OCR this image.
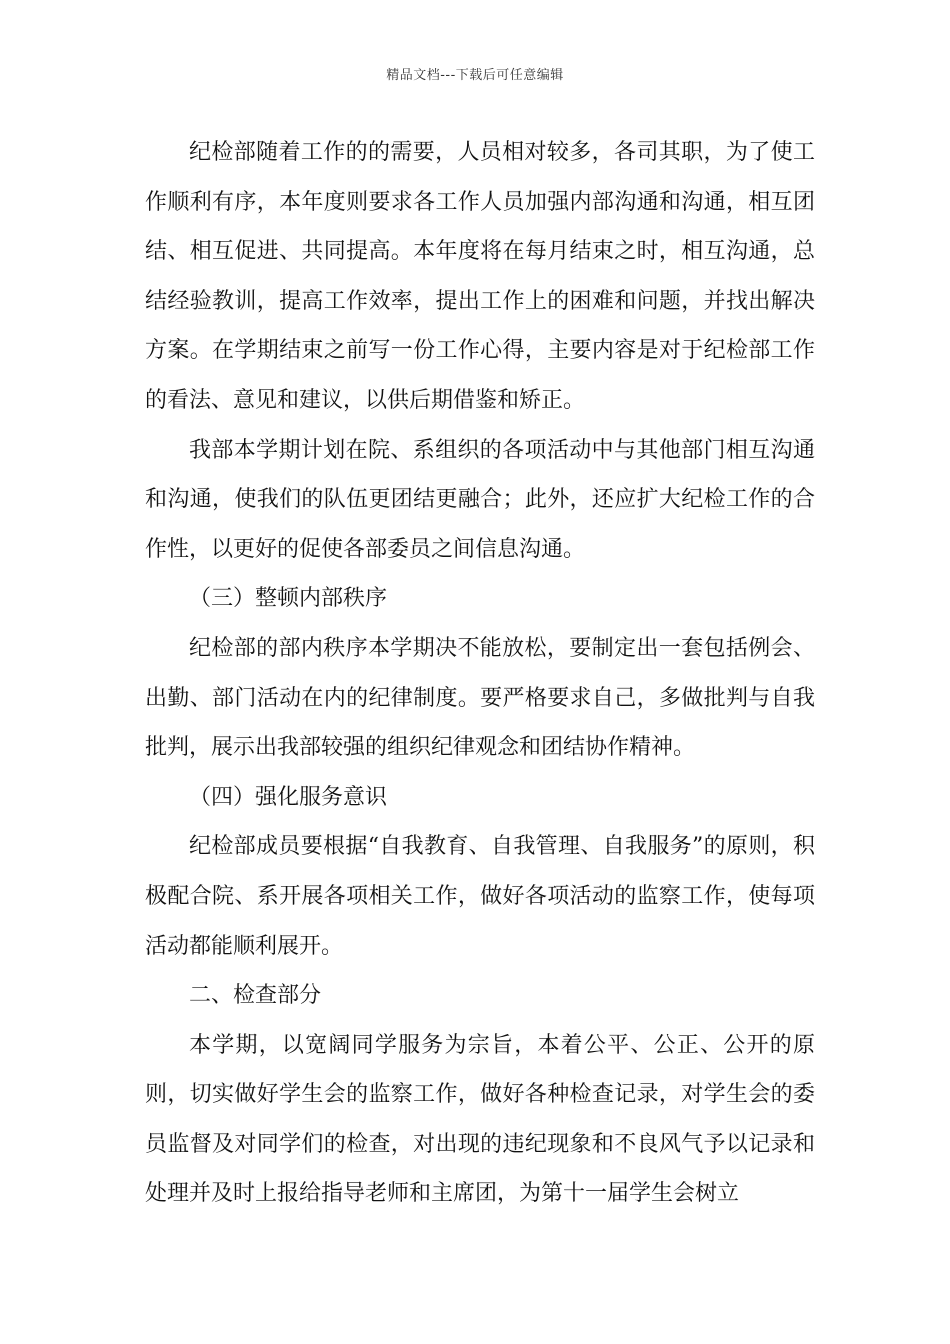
精品文档---下载后可任意编辑

纪检部随着工作的的需要，人员相对较多，各司其职，为了使工作顺利有序，本年度则要求各工作人员加强内部沟通和沟通，相互团结、相互促进、共同提高。本年度将在每月结束之时，相互沟通，总结经验教训，提高工作效率，提出工作上的困难和问题，并找出解决方案。在学期结束之前写一份工作心得，主要内容是对于纪检部工作的看法、意见和建议，以供后期借鉴和矫正。

我部本学期计划在院、系组织的各项活动中与其他部门相互沟通和沟通，使我们的队伍更团结更融合；此外，还应扩大纪检工作的合作性，以更好的促使各部委员之间信息沟通。

（三）整顿内部秩序

纪检部的部内秩序本学期决不能放松，要制定出一套包括例会、出勤、部门活动在内的纪律制度。要严格要求自己，多做批判与自我批判，展示出我部较强的组织纪律观念和团结协作精神。

（四）强化服务意识

纪检部成员要根据“自我教育、自我管理、自我服务”的原则，积极配合院、系开展各项相关工作，做好各项活动的监察工作，使每项活动都能顺利展开。

二、检查部分

本学期，以宽阔同学服务为宗旨，本着公平、公正、公开的原则，切实做好学生会的监察工作，做好各种检查记录，对学生会的委员监督及对同学们的检查，对出现的违纪现象和不良风气予以记录和处理并及时上报给指导老师和主席团，为第十一届学生会树立
